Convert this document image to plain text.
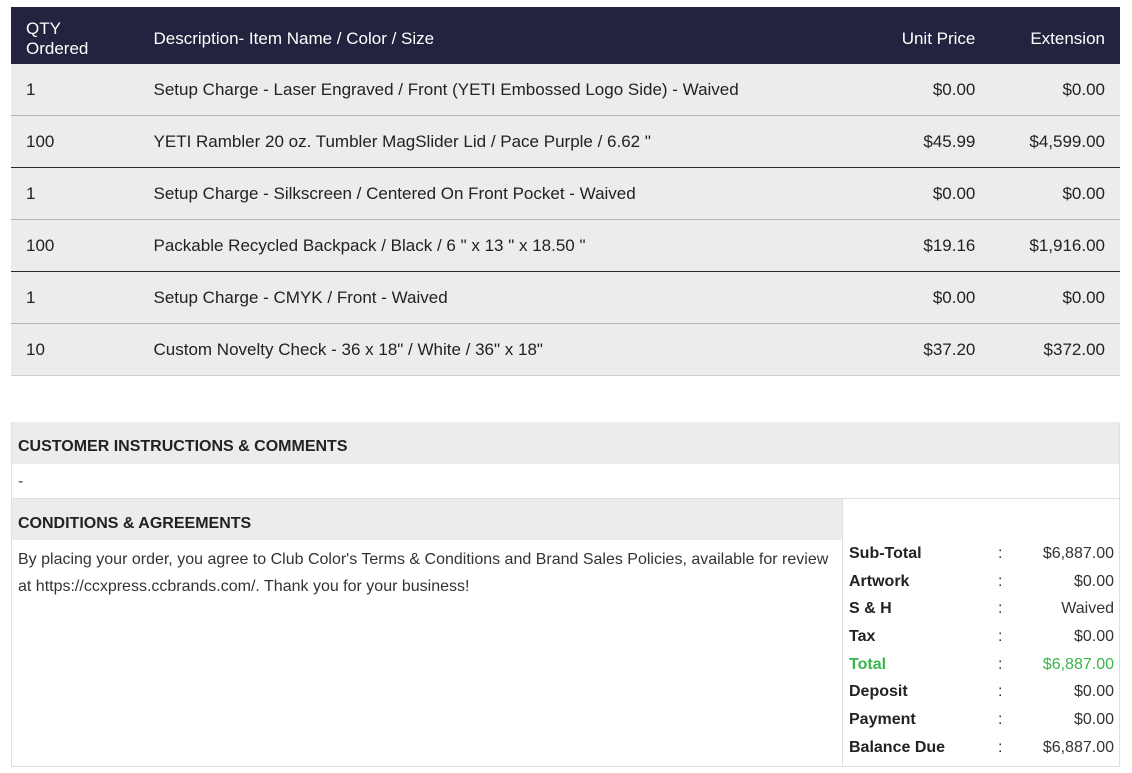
QTY Ordered	Description- Item Name / Color / Size	Unit Price	Extension
1	Setup Charge - Laser Engraved / Front (YETI Embossed Logo Side) - Waived	$0.00	$0.00
100	YETI Rambler 20 oz. Tumbler MagSlider Lid / Pace Purple / 6.62 "	$45.99	$4,599.00
1	Setup Charge - Silkscreen / Centered On Front Pocket - Waived	$0.00	$0.00
100	Packable Recycled Backpack / Black / 6 " x 13 " x 18.50 "	$19.16	$1,916.00
1	Setup Charge - CMYK / Front - Waived	$0.00	$0.00
10	Custom Novelty Check - 36 x 18" / White / 36" x 18"	$37.20	$372.00
CUSTOMER INSTRUCTIONS & COMMENTS
-
CONDITIONS & AGREEMENTS
By placing your order, you agree to Club Color's Terms & Conditions and Brand Sales Policies, available for review at https://ccxpress.ccbrands.com/. Thank you for your business!
Sub-Total	:	$6,887.00
Artwork	:	$0.00
S & H	:	Waived
Tax	:	$0.00
Total	:	$6,887.00
Deposit	:	$0.00
Payment	:	$0.00
Balance Due	:	$6,887.00
